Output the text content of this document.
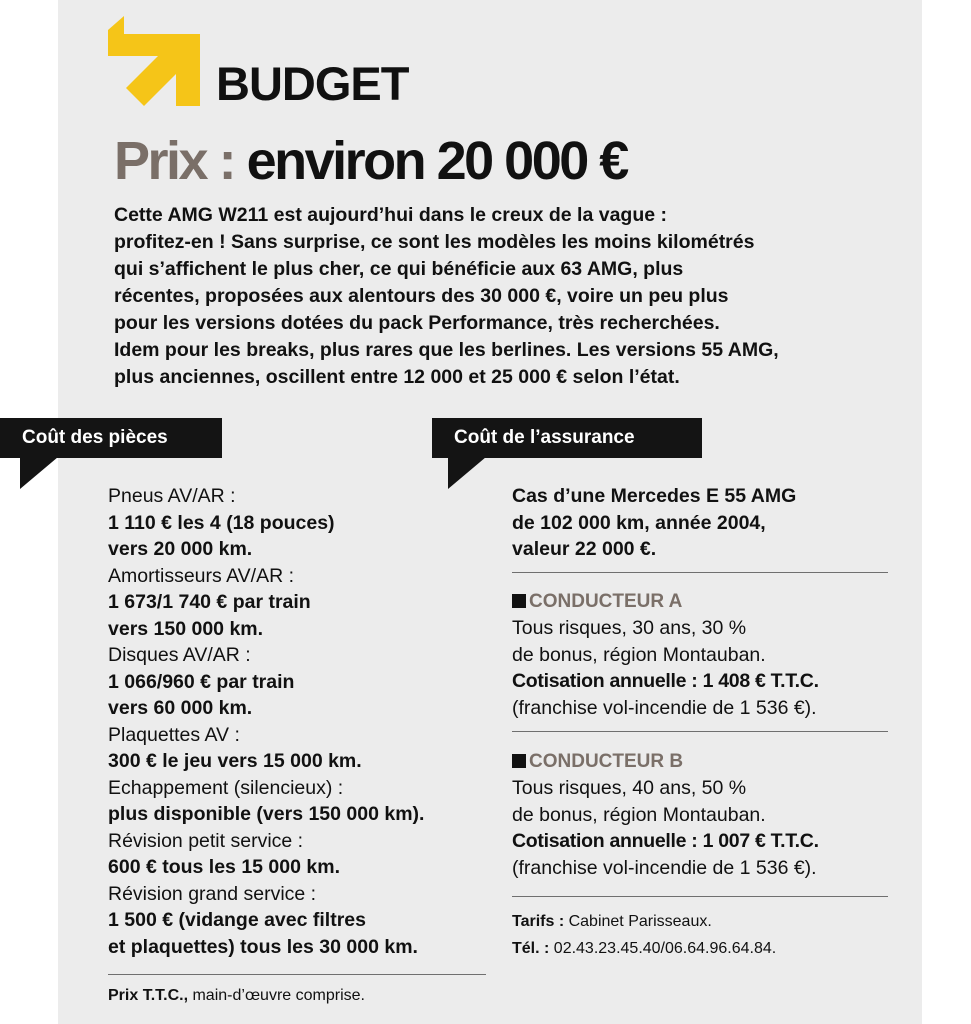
BUDGET
Prix : environ 20 000 €

Cette AMG W211 est aujourd’hui dans le creux de la vague :
profitez-en ! Sans surprise, ce sont les modèles les moins kilométrés
qui s’affichent le plus cher, ce qui bénéficie aux 63 AMG, plus
récentes, proposées aux alentours des 30 000 €, voire un peu plus
pour les versions dotées du pack Performance, très recherchées.
Idem pour les breaks, plus rares que les berlines. Les versions 55 AMG,
plus anciennes, oscillent entre 12 000 et 25 000 € selon l’état.

Coût des pièces	Coût de l’assurance
Pneus AV/AR :
1 110 € les 4 (18 pouces)
vers 20 000 km.
Amortisseurs AV/AR :
1 673/1 740 € par train
vers 150 000 km.
Disques AV/AR :
1 066/960 € par train
vers 60 000 km.
Plaquettes AV :
300 € le jeu vers 15 000 km.
Echappement (silencieux) :
plus disponible (vers 150 000 km).
Révision petit service :
600 € tous les 15 000 km.
Révision grand service :
1 500 € (vidange avec filtres
et plaquettes) tous les 30 000 km.
Prix T.T.C., main-d’œuvre comprise.
Cas d’une Mercedes E 55 AMG
de 102 000 km, année 2004,
valeur 22 000 €.
CONDUCTEUR A
Tous risques, 30 ans, 30 %
de bonus, région Montauban.
Cotisation annuelle : 1 408 € T.T.C.
(franchise vol-incendie de 1 536 €).
CONDUCTEUR B
Tous risques, 40 ans, 50 %
de bonus, région Montauban.
Cotisation annuelle : 1 007 € T.T.C.
(franchise vol-incendie de 1 536 €).
Tarifs : Cabinet Parisseaux.
Tél. : 02.43.23.45.40/06.64.96.64.84.
